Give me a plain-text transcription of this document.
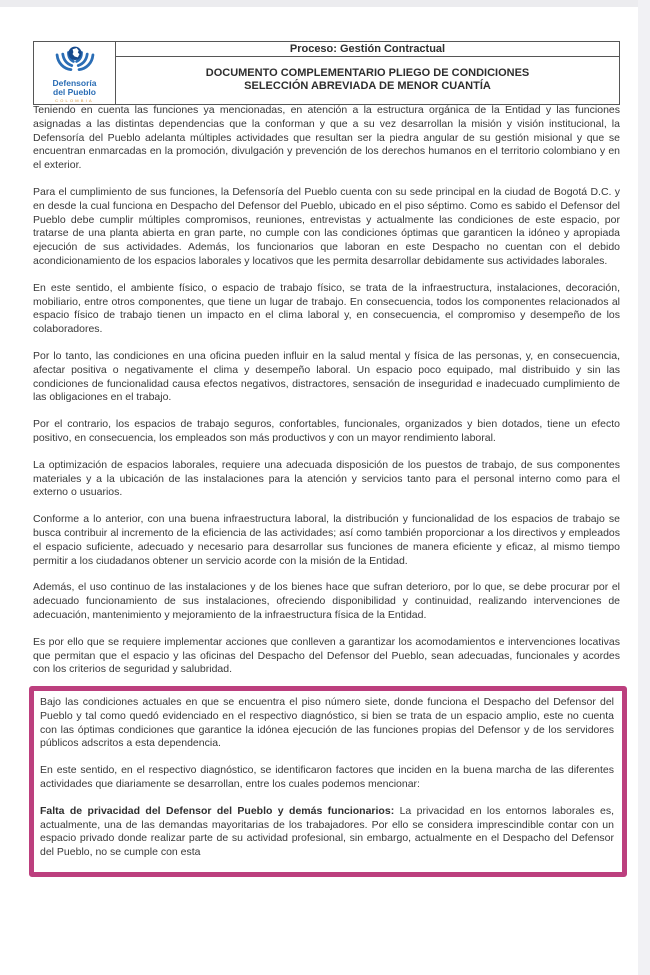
Defensoría
del Pueblo
COLOMBIA
Proceso: Gestión Contractual
DOCUMENTO COMPLEMENTARIO PLIEGO DE CONDICIONES
SELECCIÓN ABREVIADA DE MENOR CUANTÍA

Teniendo en cuenta las funciones ya mencionadas, en atención a la estructura orgánica de la Entidad y las funciones asignadas a las distintas dependencias que la conforman y que a su vez desarrollan la misión y visión institucional, la Defensoría del Pueblo adelanta múltiples actividades que resultan ser la piedra angular de su gestión misional y que se encuentran enmarcadas en la promoción, divulgación y prevención de los derechos humanos en el territorio colombiano y en el exterior.

Para el cumplimiento de sus funciones, la Defensoría del Pueblo cuenta con su sede principal en la ciudad de Bogotá D.C. y en desde la cual funciona en Despacho del Defensor del Pueblo, ubicado en el piso séptimo. Como es sabido el Defensor del Pueblo debe cumplir múltiples compromisos, reuniones, entrevistas y actualmente las condiciones de este espacio, por tratarse de una planta abierta en gran parte, no cumple con las condiciones óptimas que garanticen la idóneo y apropiada ejecución de sus actividades. Además, los funcionarios que laboran en este Despacho no cuentan con el debido acondicionamiento de los espacios laborales y locativos que les permita desarrollar debidamente sus actividades laborales.

En este sentido, el ambiente físico, o espacio de trabajo físico, se trata de la infraestructura, instalaciones, decoración, mobiliario, entre otros componentes, que tiene un lugar de trabajo. En consecuencia, todos los componentes relacionados al espacio físico de trabajo tienen un impacto en el clima laboral y, en consecuencia, el compromiso y desempeño de los colaboradores.

Por lo tanto, las condiciones en una oficina pueden influir en la salud mental y física de las personas, y, en consecuencia, afectar positiva o negativamente el clima y desempeño laboral. Un espacio poco equipado, mal distribuido y sin las condiciones de funcionalidad causa efectos negativos, distractores, sensación de inseguridad e inadecuado cumplimiento de las obligaciones en el trabajo.

Por el contrario, los espacios de trabajo seguros, confortables, funcionales, organizados y bien dotados, tiene un efecto positivo, en consecuencia, los empleados son más productivos y con un mayor rendimiento laboral.

La optimización de espacios laborales, requiere una adecuada disposición de los puestos de trabajo, de sus componentes materiales y a la ubicación de las instalaciones para la atención y servicios tanto para el personal interno como para el externo o usuarios.

Conforme a lo anterior, con una buena infraestructura laboral, la distribución y funcionalidad de los espacios de trabajo se busca contribuir al incremento de la eficiencia de las actividades; así como también proporcionar a los directivos y empleados el espacio suficiente, adecuado y necesario para desarrollar sus funciones de manera eficiente y eficaz, al mismo tiempo permitir a los ciudadanos obtener un servicio acorde con la misión de la Entidad.

Además, el uso continuo de las instalaciones y de los bienes hace que sufran deterioro, por lo que, se debe procurar por el adecuado funcionamiento de sus instalaciones, ofreciendo disponibilidad y continuidad, realizando intervenciones de adecuación, mantenimiento y mejoramiento de la infraestructura física de la Entidad.

Es por ello que se requiere implementar acciones que conlleven a garantizar los acomodamientos e intervenciones locativas que permitan que el espacio y las oficinas del Despacho del Defensor del Pueblo, sean adecuadas, funcionales y acordes con los criterios de seguridad y salubridad.

Bajo las condiciones actuales en que se encuentra el piso número siete, donde funciona el Despacho del Defensor del Pueblo y tal como quedó evidenciado en el respectivo diagnóstico, si bien se trata de un espacio amplio, este no cuenta con las óptimas condiciones que garantice la idónea ejecución de las funciones propias del Defensor y de los servidores públicos adscritos a esta dependencia.

En este sentido, en el respectivo diagnóstico, se identificaron factores que inciden en la buena marcha de las diferentes actividades que diariamente se desarrollan, entre los cuales podemos mencionar:

Falta de privacidad del Defensor del Pueblo y demás funcionarios: La privacidad en los entornos laborales es, actualmente, una de las demandas mayoritarias de los trabajadores. Por ello se considera imprescindible contar con un espacio privado donde realizar parte de su actividad profesional, sin embargo, actualmente en el Despacho del Defensor del Pueblo, no se cumple con esta
